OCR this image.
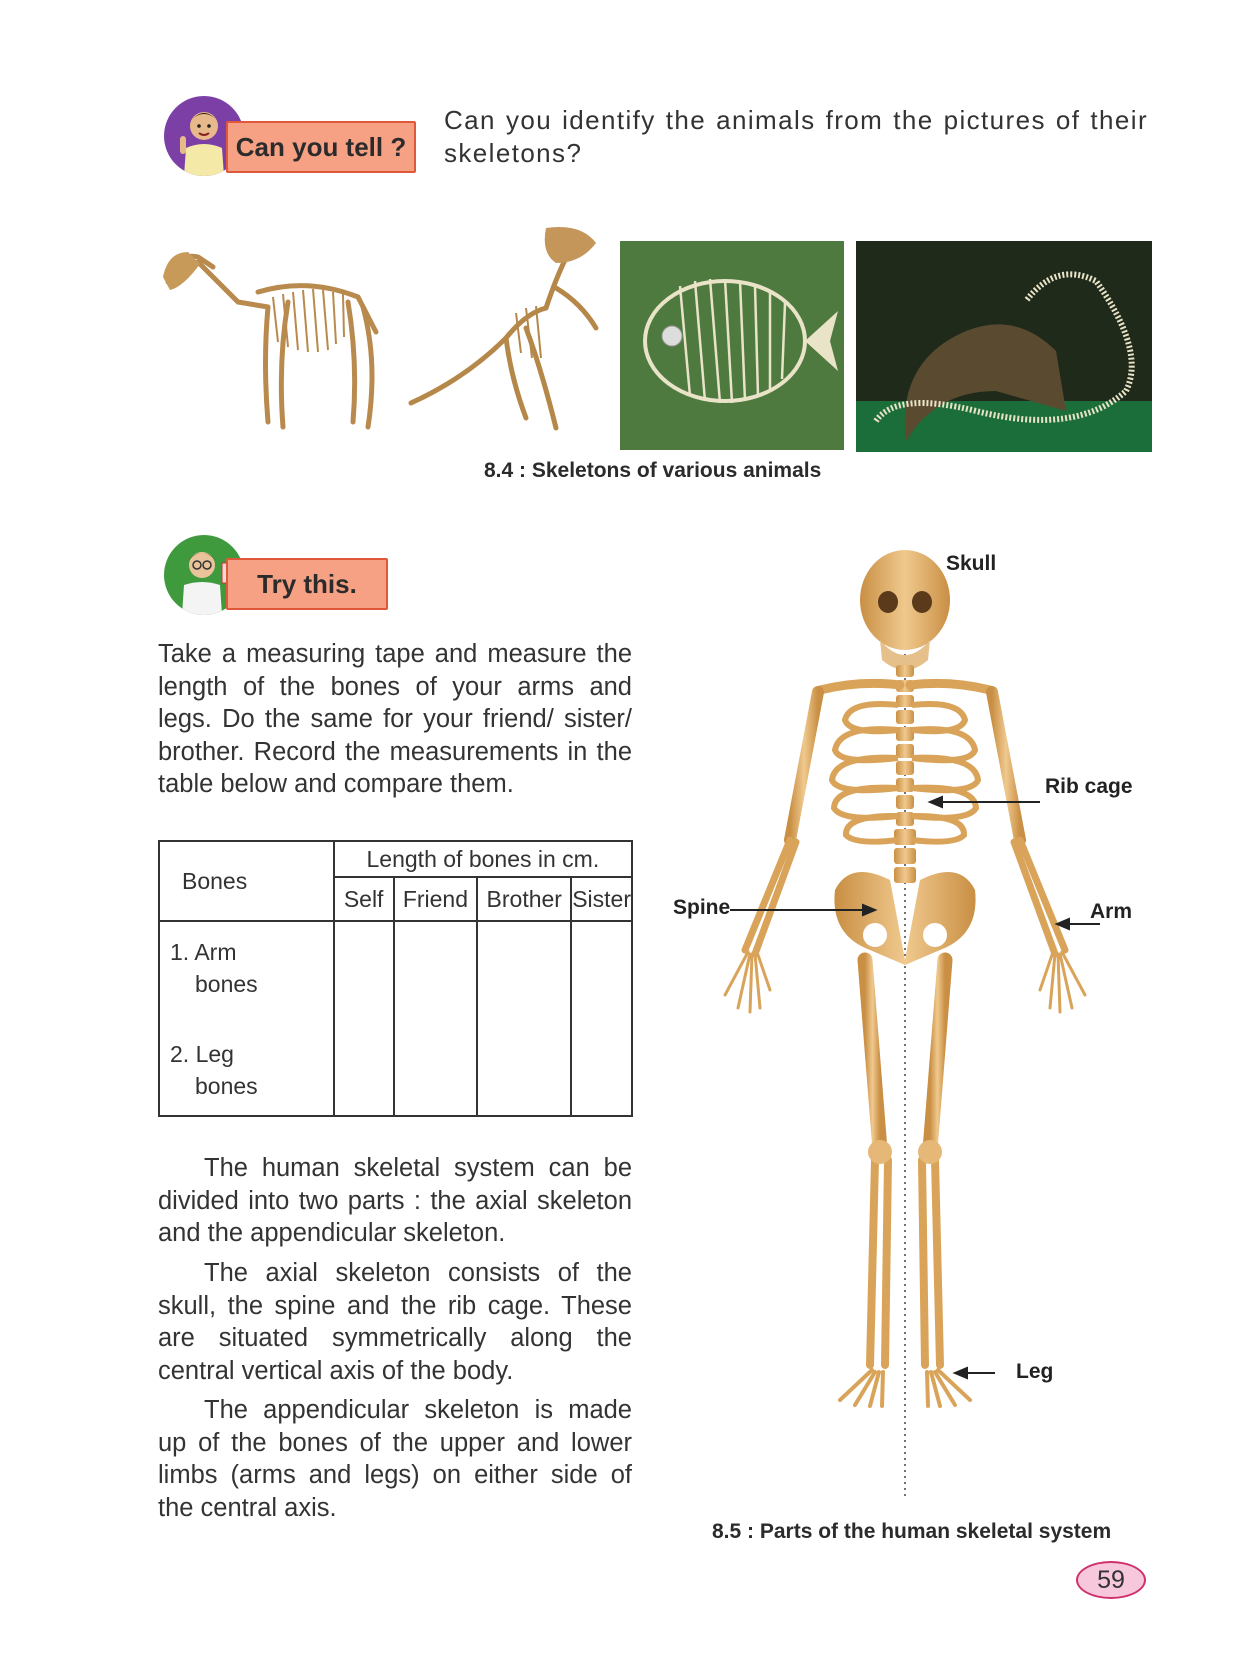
Can you tell ?
Can you identify the animals from the pictures of their skeletons?
8.4 : Skeletons of various animals
Try this.
Take a measuring tape and measure the length of the bones of your arms and legs. Do the same for your friend/ sister/ brother. Record the measurements in the table below and compare them.
Bones	Length of bones in cm.			
	Self	Friend	Brother	Sister

1. Arm
bones
2. Leg
bones				

The human skeletal system can be divided into two parts : the axial skeleton and the appendicular skeleton.
The axial skeleton consists of the skull, the spine and the rib cage. These are situated symmetrically along the central vertical axis of the body.
The appendicular skeleton is made up of the bones of the upper and lower limbs (arms and legs) on either side of the central axis.
Skull
Rib cage
Spine	Arm
Leg
8.5 : Parts of the human skeletal system
59
